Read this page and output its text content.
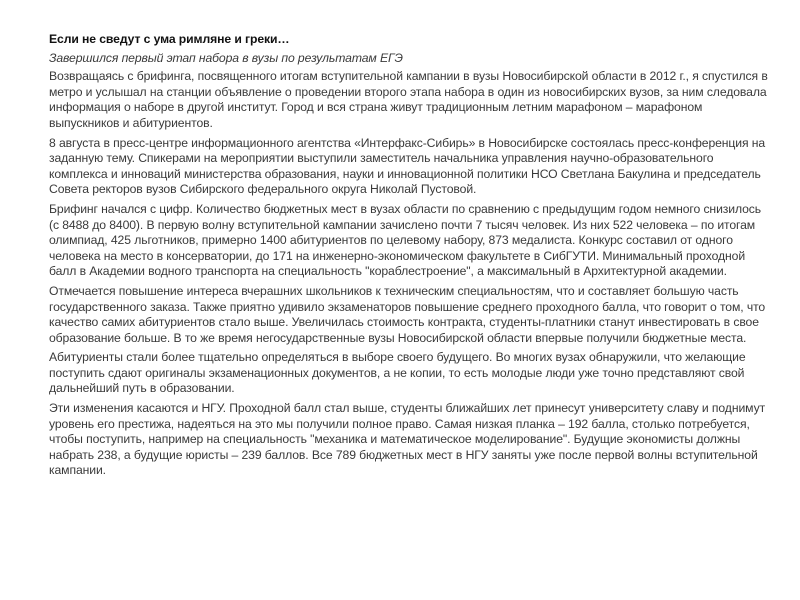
Если не сведут с ума римляне и греки…
Завершился первый этап набора в вузы по результатам ЕГЭ

Возвращаясь с брифинга, посвященного итогам вступительной кампании в вузы Новосибирской области в 2012 г., я спустился в метро и услышал на станции объявление о проведении второго этапа набора в один из новосибирских вузов, за ним следовала информация о наборе в другой институт. Город и вся страна живут традиционным летним марафоном – марафоном выпускников и абитуриентов.

8 августа в пресс-центре информационного агентства «Интерфакс-Сибирь» в Новосибирске состоялась пресс-конференция на заданную тему. Спикерами на мероприятии выступили заместитель начальника управления научно-образовательного комплекса и инноваций министерства образования, науки и инновационной политики НСО Светлана Бакулина и председатель Совета ректоров вузов Сибирского федерального округа Николай Пустовой.

Брифинг начался с цифр. Количество бюджетных мест в вузах области по сравнению с предыдущим годом немного снизилось (с 8488 до 8400). В первую волну вступительной кампании зачислено почти 7 тысяч человек. Из них 522 человека – по итогам олимпиад, 425 льготников, примерно 1400 абитуриентов по целевому набору, 873 медалиста. Конкурс составил от одного человека на место в консерватории, до 171 на инженерно-экономическом факультете в СибГУТИ. Минимальный проходной балл в Академии водного транспорта на специальность "кораблестроение", а максимальный в Архитектурной академии.

Отмечается повышение интереса вчерашних школьников к техническим специальностям, что и составляет большую часть государственного заказа. Также приятно удивило экзаменаторов повышение среднего проходного балла, что говорит о том, что качество самих абитуриентов стало выше. Увеличилась стоимость контракта, студенты-платники станут инвестировать в свое образование больше. В то же время негосударственные вузы Новосибирской области впервые получили бюджетные места.

Абитуриенты стали более тщательно определяться в выборе своего будущего. Во многих вузах обнаружили, что желающие поступить сдают оригиналы экзаменационных документов, а не копии, то есть молодые люди уже точно представляют свой дальнейший путь в образовании.

Эти изменения касаются и НГУ. Проходной балл стал выше, студенты ближайших лет принесут университету славу и поднимут уровень его престижа, надеяться на это мы получили полное право. Самая низкая планка – 192 балла, столько потребуется, чтобы поступить, например на специальность "механика и математическое моделирование". Будущие экономисты должны набрать 238, а будущие юристы – 239 баллов. Все 789 бюджетных мест в НГУ заняты уже после первой волны вступительной кампании.
